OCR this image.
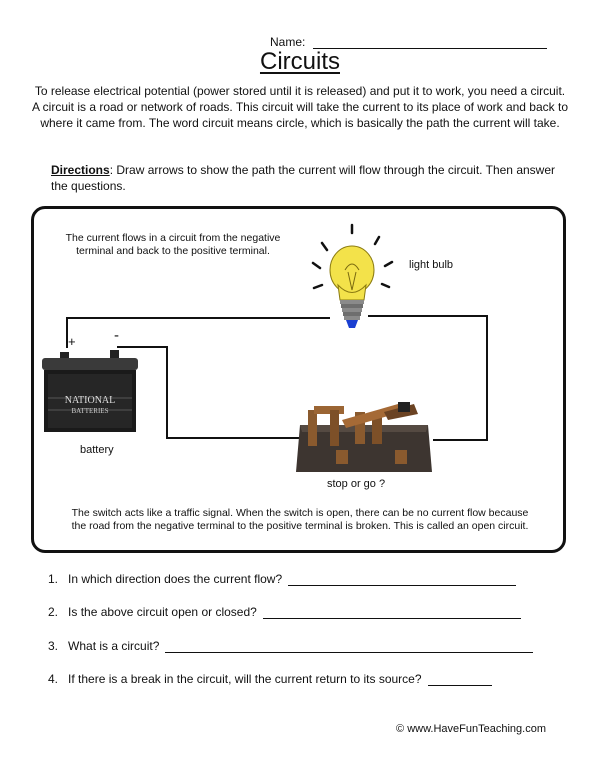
Name:
Circuits
To release electrical potential (power stored until it is released) and put it to work, you need a circuit. A circuit is a road or network of roads. This circuit will take the current to its place of work and back to where it came from. The word circuit means circle, which is basically the path the current will take.
Directions: Draw arrows to show the path the current will flow through the circuit. Then answer the questions.
NATIONAL
BATTERIES
+	-
light bulb
battery
stop or go ?
The current flows in a circuit from the negative terminal and back to the positive terminal.
The switch acts like a traffic signal. When the switch is open, there can be no current flow because the road from the negative terminal to the positive terminal is broken. This is called an open circuit.
1.
In which direction does the current flow?
2.
Is the above circuit open or closed?
3.
What is a circuit?
4.
If there is a break in the circuit, will the current return to its source?
© www.HaveFunTeaching.com
